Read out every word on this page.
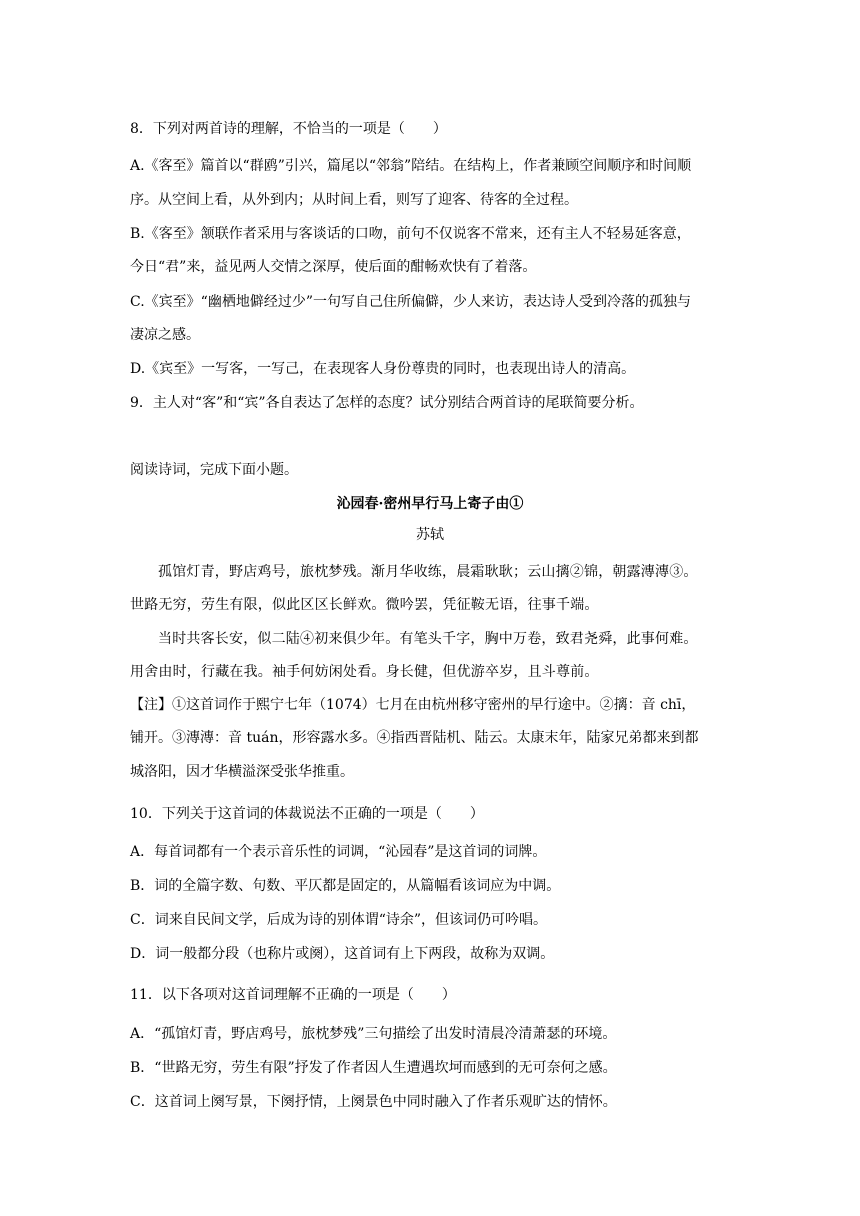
8．下列对两首诗的理解，不恰当的一项是（　　）
A.《客至》篇首以“群鸥”引兴，篇尾以“邻翁”陪结。在结构上，作者兼顾空间顺序和时间顺
序。从空间上看，从外到内；从时间上看，则写了迎客、待客的全过程。
B.《客至》颔联作者采用与客谈话的口吻，前句不仅说客不常来，还有主人不轻易延客意，
今日“君”来，益见两人交情之深厚，使后面的酣畅欢快有了着落。
C.《宾至》“幽栖地僻经过少”一句写自己住所偏僻，少人来访，表达诗人受到冷落的孤独与
凄凉之感。
D.《宾至》一写客，一写己，在表现客人身份尊贵的同时，也表现出诗人的清高。
9．主人对“客”和“宾”各自表达了怎样的态度？试分别结合两首诗的尾联简要分析。
阅读诗词，完成下面小题。
沁园春·密州早行马上寄子由①
苏轼
孤馆灯青，野店鸡号，旅枕梦残。渐月华收练，晨霜耿耿；云山摛②锦，朝露漙漙③。
世路无穷，劳生有限，似此区区长鲜欢。微吟罢，凭征鞍无语，往事千端。
当时共客长安，似二陆④初来俱少年。有笔头千字，胸中万卷，致君尧舜，此事何难。
用舍由时，行藏在我。袖手何妨闲处看。身长健，但优游卒岁，且斗尊前。
【注】①这首词作于熙宁七年（1074）七月在由杭州移守密州的早行途中。②摛：音 chī，
铺开。③漙漙：音 tuán，形容露水多。④指西晋陆机、陆云。太康末年，陆家兄弟都来到都
城洛阳，因才华横溢深受张华推重。
10．下列关于这首词的体裁说法不正确的一项是（　　）
A．每首词都有一个表示音乐性的词调，“沁园春”是这首词的词牌。
B．词的全篇字数、句数、平仄都是固定的，从篇幅看该词应为中调。
C．词来自民间文学，后成为诗的别体谓“诗余”，但该词仍可吟唱。
D．词一般都分段（也称片或阕），这首词有上下两段，故称为双调。
11．以下各项对这首词理解不正确的一项是（　　）
A．“孤馆灯青，野店鸡号，旅枕梦残”三句描绘了出发时清晨冷清萧瑟的环境。
B．“世路无穷，劳生有限”抒发了作者因人生遭遇坎坷而感到的无可奈何之感。
C．这首词上阕写景，下阕抒情，上阕景色中同时融入了作者乐观旷达的情怀。
